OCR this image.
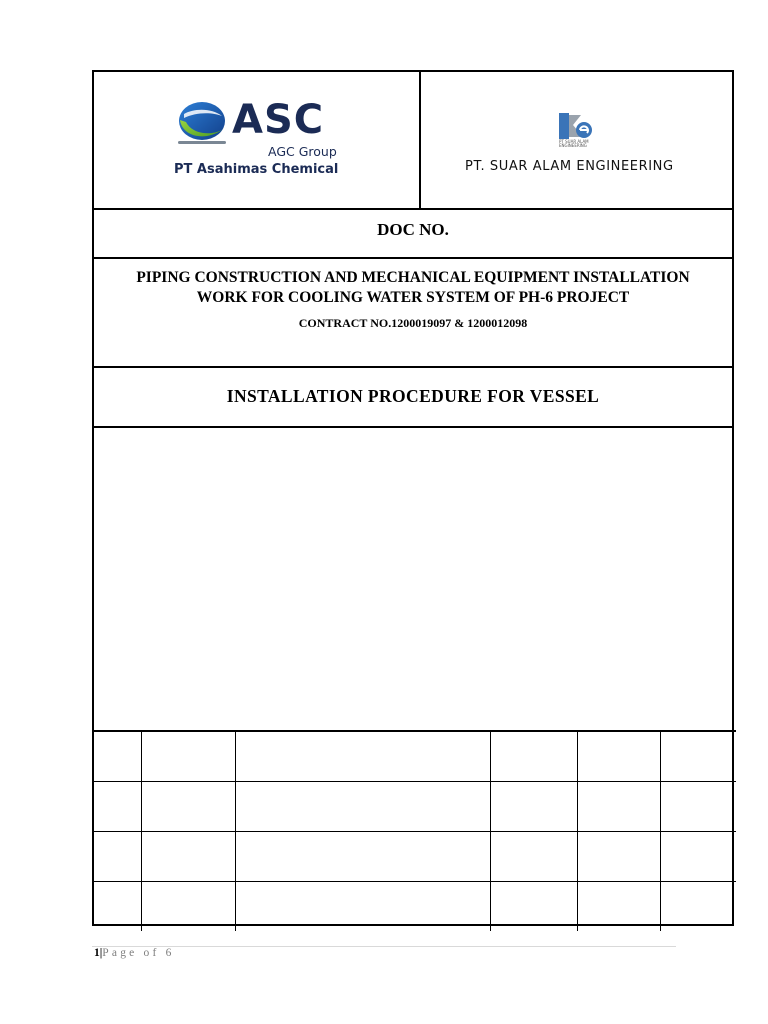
ASC
AGC Group
PT Asahimas Chemical
PT SUAR ALAM ENGINEERING
PT. SUAR ALAM ENGINEERING
DOC NO.
PIPING CONSTRUCTION AND MECHANICAL EQUIPMENT INSTALLATION WORK FOR COOLING WATER SYSTEM OF PH-6 PROJECT
CONTRACT NO.1200019097 & 1200012098
INSTALLATION PROCEDURE FOR VESSEL

1|Page of 6
